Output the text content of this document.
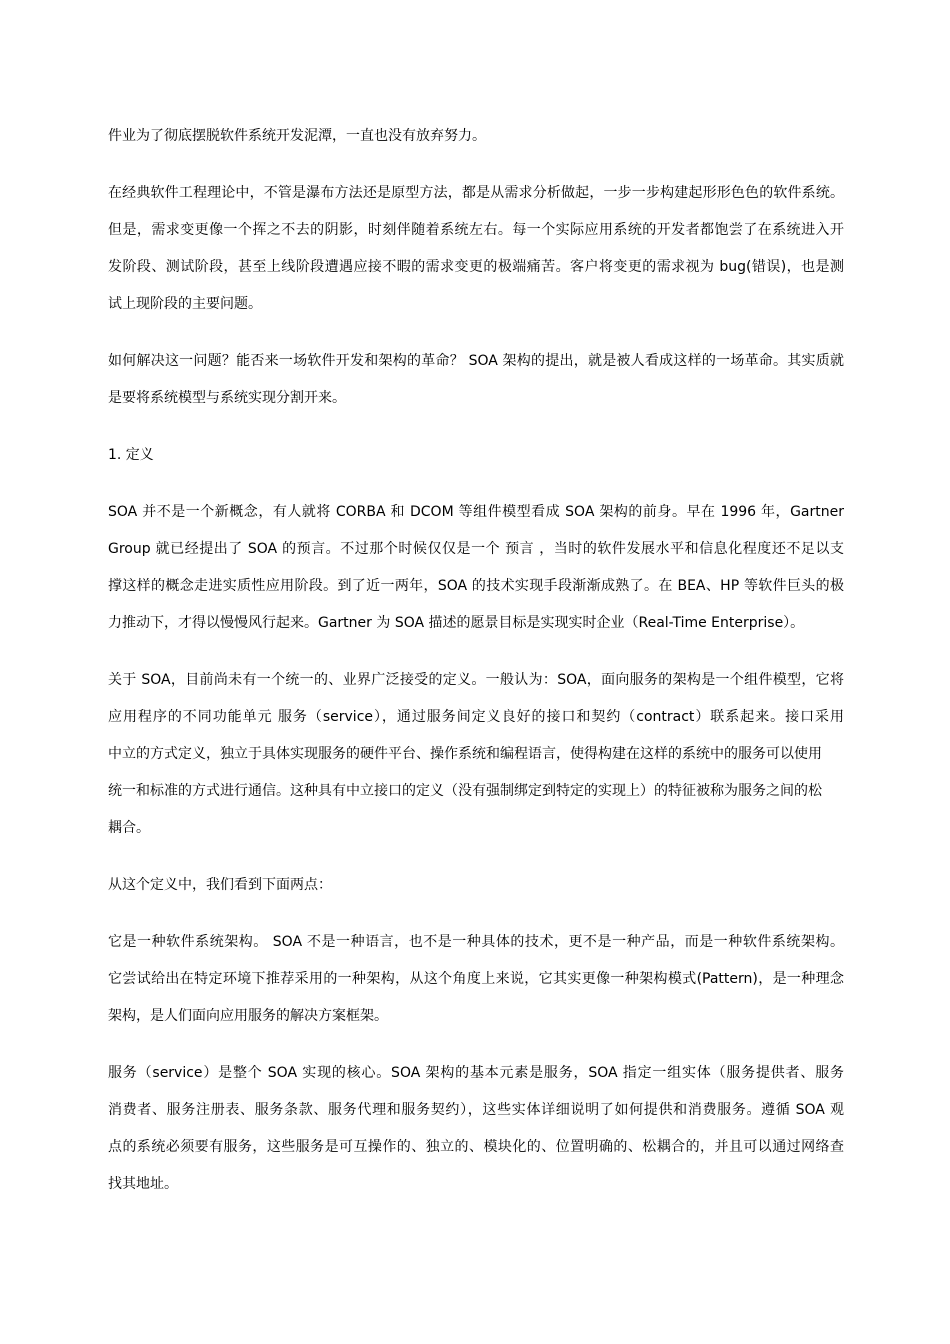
件业为了彻底摆脱软件系统开发泥潭，一直也没有放弃努力。
在经典软件工程理论中，不管是瀑布方法还是原型方法，都是从需求分析做起，一步一步构建起形形色色的软件系统。
但是，需求变更像一个挥之不去的阴影，时刻伴随着系统左右。每一个实际应用系统的开发者都饱尝了在系统进入开
发阶段、测试阶段，甚至上线阶段遭遇应接不暇的需求变更的极端痛苦。客户将变更的需求视为 bug(错误)，也是测
试上现阶段的主要问题。
如何解决这一问题？能否来一场软件开发和架构的革命？ SOA 架构的提出，就是被人看成这样的一场革命。其实质就
是要将系统模型与系统实现分割开来。
1. 定义
SOA 并不是一个新概念，有人就将 CORBA 和 DCOM 等组件模型看成 SOA 架构的前身。早在 1996 年，Gartner
Group 就已经提出了 SOA 的预言。不过那个时候仅仅是一个 预言 ，当时的软件发展水平和信息化程度还不足以支
撑这样的概念走进实质性应用阶段。到了近一两年，SOA 的技术实现手段渐渐成熟了。在 BEA、HP 等软件巨头的极
力推动下，才得以慢慢风行起来。Gartner 为 SOA 描述的愿景目标是实现实时企业（Real-Time Enterprise）。
关于 SOA，目前尚未有一个统一的、业界广泛接受的定义。一般认为：SOA，面向服务的架构是一个组件模型，它将
应用程序的不同功能单元 服务（service），通过服务间定义良好的接口和契约（contract）联系起来。接口采用
中立的方式定义，独立于具体实现服务的硬件平台、操作系统和编程语言，使得构建在这样的系统中的服务可以使用
统一和标准的方式进行通信。这种具有中立接口的定义（没有强制绑定到特定的实现上）的特征被称为服务之间的松
耦合。
从这个定义中，我们看到下面两点：
它是一种软件系统架构。 SOA 不是一种语言，也不是一种具体的技术，更不是一种产品，而是一种软件系统架构。
它尝试给出在特定环境下推荐采用的一种架构，从这个角度上来说，它其实更像一种架构模式(Pattern)，是一种理念
架构，是人们面向应用服务的解决方案框架。
服务（service）是整个 SOA 实现的核心。SOA 架构的基本元素是服务，SOA 指定一组实体（服务提供者、服务
消费者、服务注册表、服务条款、服务代理和服务契约），这些实体详细说明了如何提供和消费服务。遵循 SOA 观
点的系统必须要有服务，这些服务是可互操作的、独立的、模块化的、位置明确的、松耦合的，并且可以通过网络查
找其地址。
